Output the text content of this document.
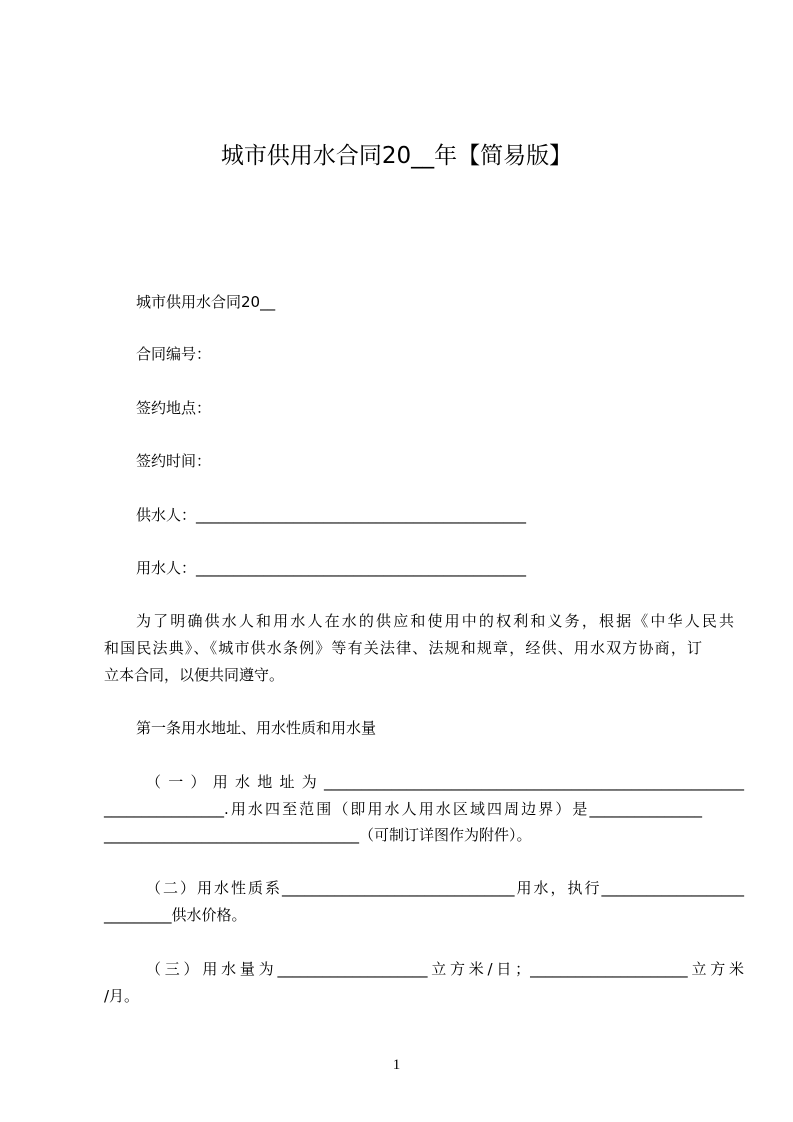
城市供用水合同20__年【简易版】
城市供用水合同20__
合同编号：
签约地点：
签约时间：
供水人：____________________________________________
用水人：____________________________________________
为了明确供水人和用水人在水的供应和使用中的权利和义务，根据《中华人民共
和国民法典》、《城市供水条例》等有关法律、法规和规章，经供、用水双方协商，订
立本合同，以便共同遵守。
第一条用水地址、用水性质和用水量
（一）用水地址为________________________________________________________
________________.用水四至范围（即用水人用水区域四周边界）是_______________
__________________________________（可制订详图作为附件）。
（二）用水性质系_______________________________用水，执行___________________
_________供水价格。
（三）用水量为____________________立方米/日；_____________________立方米
/月。
1
